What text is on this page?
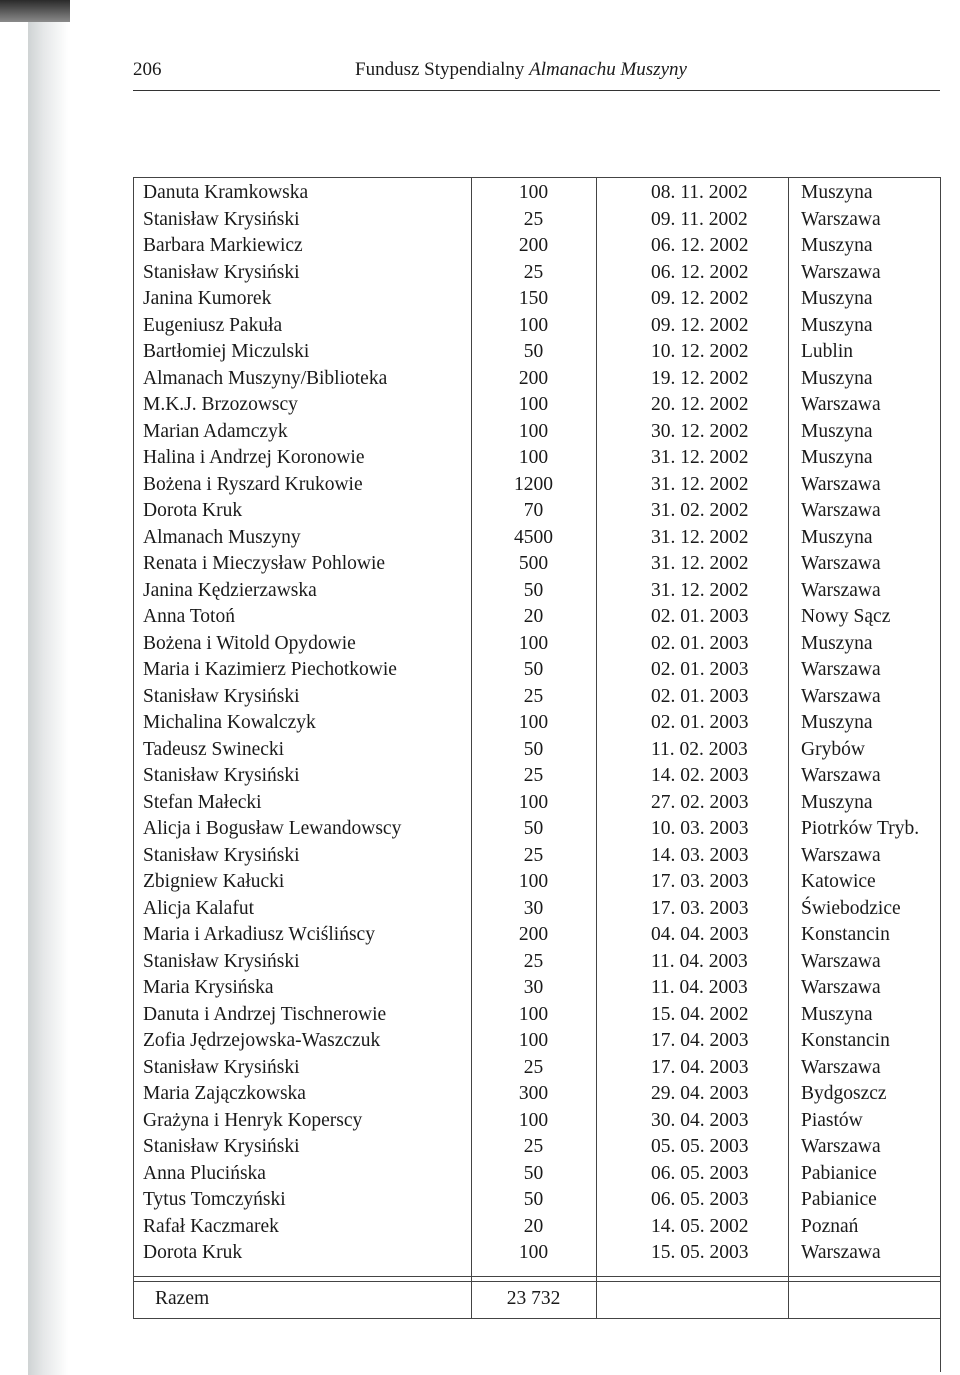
206	Fundusz Stypendialny Almanachu Muszyny
Danuta Kramkowska	100	08. 11. 2002	Muszyna
Stanisław Krysiński	25	09. 11. 2002	Warszawa
Barbara Markiewicz	200	06. 12. 2002	Muszyna
Stanisław Krysiński	25	06. 12. 2002	Warszawa
Janina Kumorek	150	09. 12. 2002	Muszyna
Eugeniusz Pakuła	100	09. 12. 2002	Muszyna
Bartłomiej Miczulski	50	10. 12. 2002	Lublin
Almanach Muszyny/Biblioteka	200	19. 12. 2002	Muszyna
M.K.J. Brzozowscy	100	20. 12. 2002	Warszawa
Marian Adamczyk	100	30. 12. 2002	Muszyna
Halina i Andrzej Koronowie	100	31. 12. 2002	Muszyna
Bożena i Ryszard Krukowie	1200	31. 12. 2002	Warszawa
Dorota Kruk	70	31. 02. 2002	Warszawa
Almanach Muszyny	4500	31. 12. 2002	Muszyna
Renata i Mieczysław Pohlowie	500	31. 12. 2002	Warszawa
Janina Kędzierzawska	50	31. 12. 2002	Warszawa
Anna Totoń	20	02. 01. 2003	Nowy Sącz
Bożena i Witold Opydowie	100	02. 01. 2003	Muszyna
Maria i Kazimierz Piechotkowie	50	02. 01. 2003	Warszawa
Stanisław Krysiński	25	02. 01. 2003	Warszawa
Michalina Kowalczyk	100	02. 01. 2003	Muszyna
Tadeusz Swinecki	50	11. 02. 2003	Grybów
Stanisław Krysiński	25	14. 02. 2003	Warszawa
Stefan Małecki	100	27. 02. 2003	Muszyna
Alicja i Bogusław Lewandowscy	50	10. 03. 2003	Piotrków Tryb.
Stanisław Krysiński	25	14. 03. 2003	Warszawa
Zbigniew Kałucki	100	17. 03. 2003	Katowice
Alicja Kalafut	30	17. 03. 2003	Świebodzice
Maria i Arkadiusz Wciślińscy	200	04. 04. 2003	Konstancin
Stanisław Krysiński	25	11. 04. 2003	Warszawa
Maria Krysińska	30	11. 04. 2003	Warszawa
Danuta i Andrzej Tischnerowie	100	15. 04. 2002	Muszyna
Zofia Jędrzejowska-Waszczuk	100	17. 04. 2003	Konstancin
Stanisław Krysiński	25	17. 04. 2003	Warszawa
Maria Zajączkowska	300	29. 04. 2003	Bydgoszcz
Grażyna i Henryk Koperscy	100	30. 04. 2003	Piastów
Stanisław Krysiński	25	05. 05. 2003	Warszawa
Anna Plucińska	50	06. 05. 2003	Pabianice
Tytus Tomczyński	50	06. 05. 2003	Pabianice
Rafał Kaczmarek	20	14. 05. 2002	Poznań
Dorota Kruk	100	15. 05. 2003	Warszawa
Razem	23 732
